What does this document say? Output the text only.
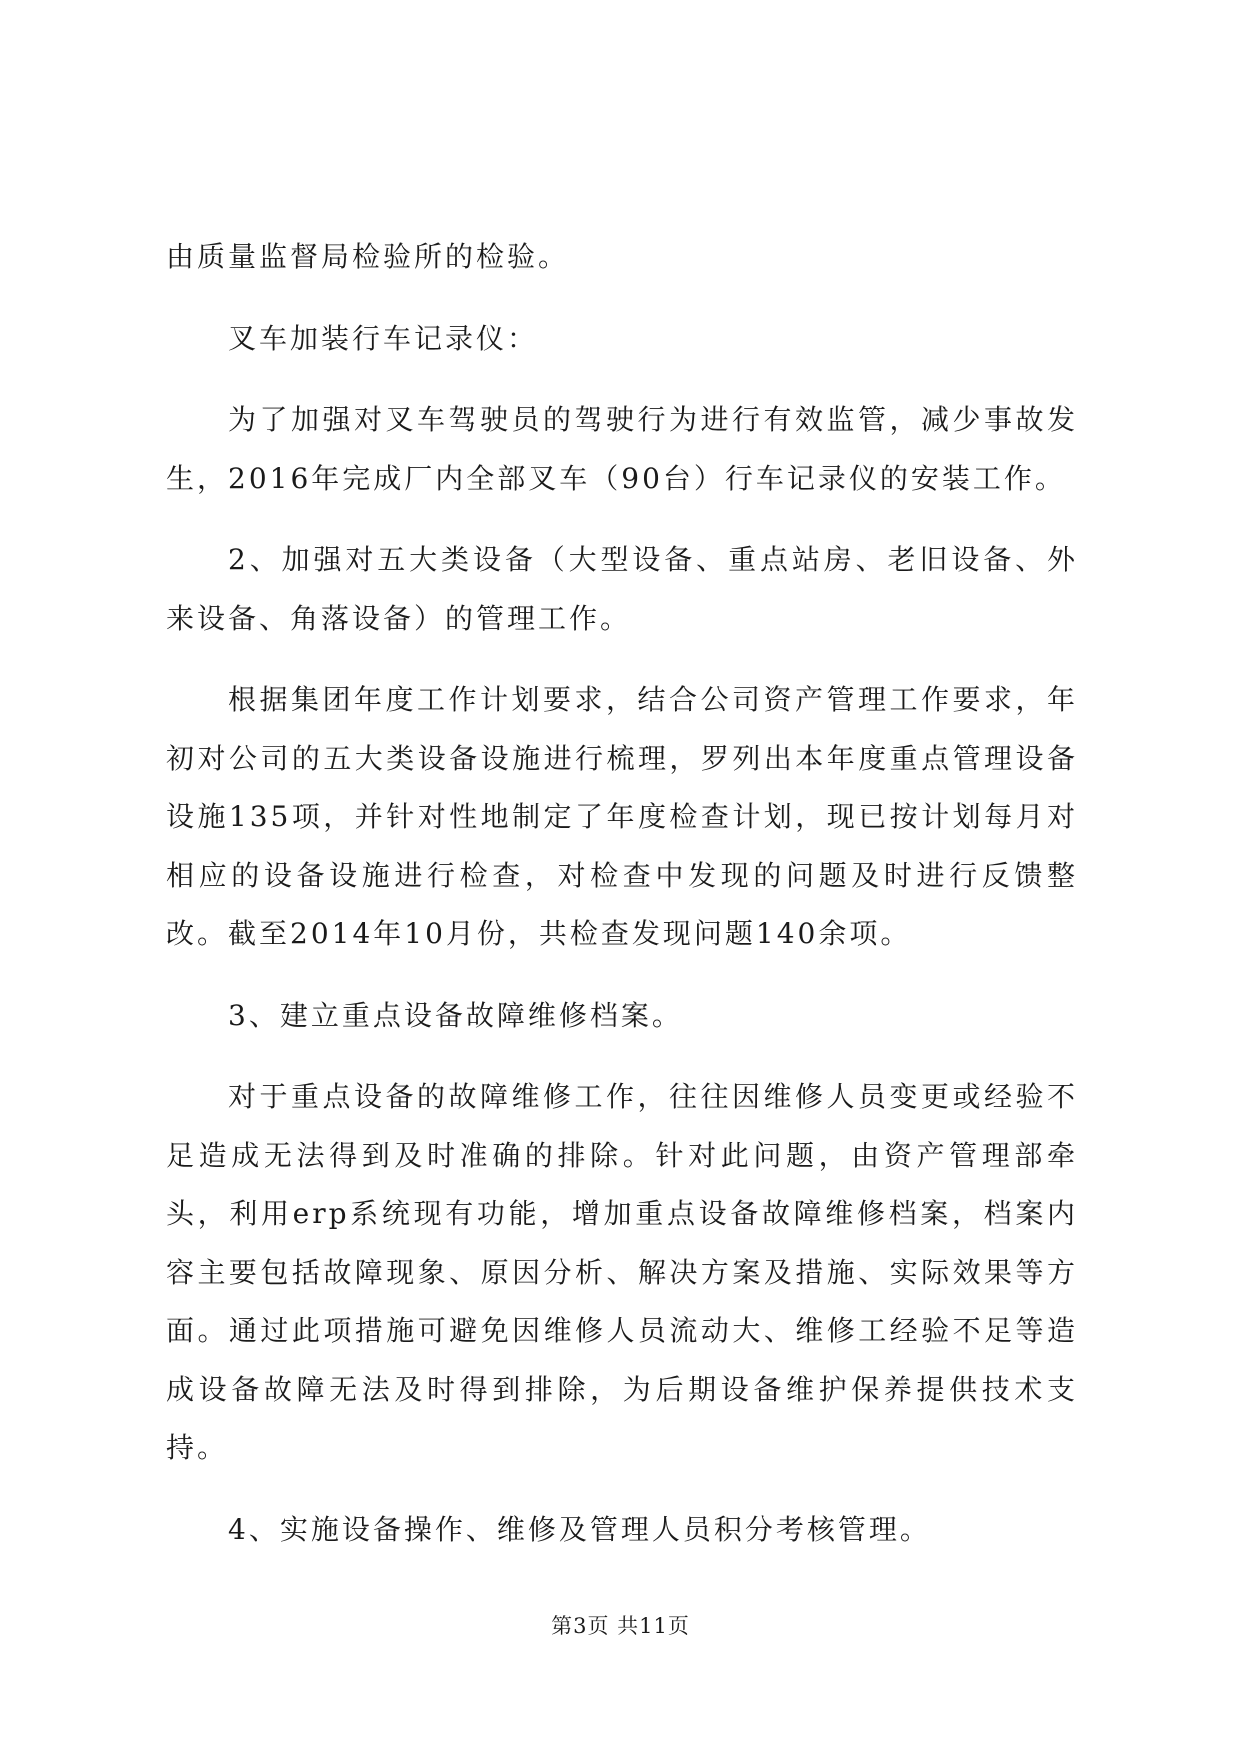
由质量监督局检验所的检验。

叉车加装行车记录仪：

为了加强对叉车驾驶员的驾驶行为进行有效监管，减少事故发生，2016年完成厂内全部叉车（90台）行车记录仪的安装工作。

2、加强对五大类设备（大型设备、重点站房、老旧设备、外来设备、角落设备）的管理工作。

根据集团年度工作计划要求，结合公司资产管理工作要求，年初对公司的五大类设备设施进行梳理，罗列出本年度重点管理设备设施135项，并针对性地制定了年度检查计划，现已按计划每月对相应的设备设施进行检查，对检查中发现的问题及时进行反馈整改。截至2014年10月份，共检查发现问题140余项。

3、建立重点设备故障维修档案。

对于重点设备的故障维修工作，往往因维修人员变更或经验不足造成无法得到及时准确的排除。针对此问题，由资产管理部牵头，利用erp系统现有功能，增加重点设备故障维修档案，档案内容主要包括故障现象、原因分析、解决方案及措施、实际效果等方面。通过此项措施可避免因维修人员流动大、维修工经验不足等造成设备故障无法及时得到排除，为后期设备维护保养提供技术支持。

4、实施设备操作、维修及管理人员积分考核管理。

第3页 共11页
